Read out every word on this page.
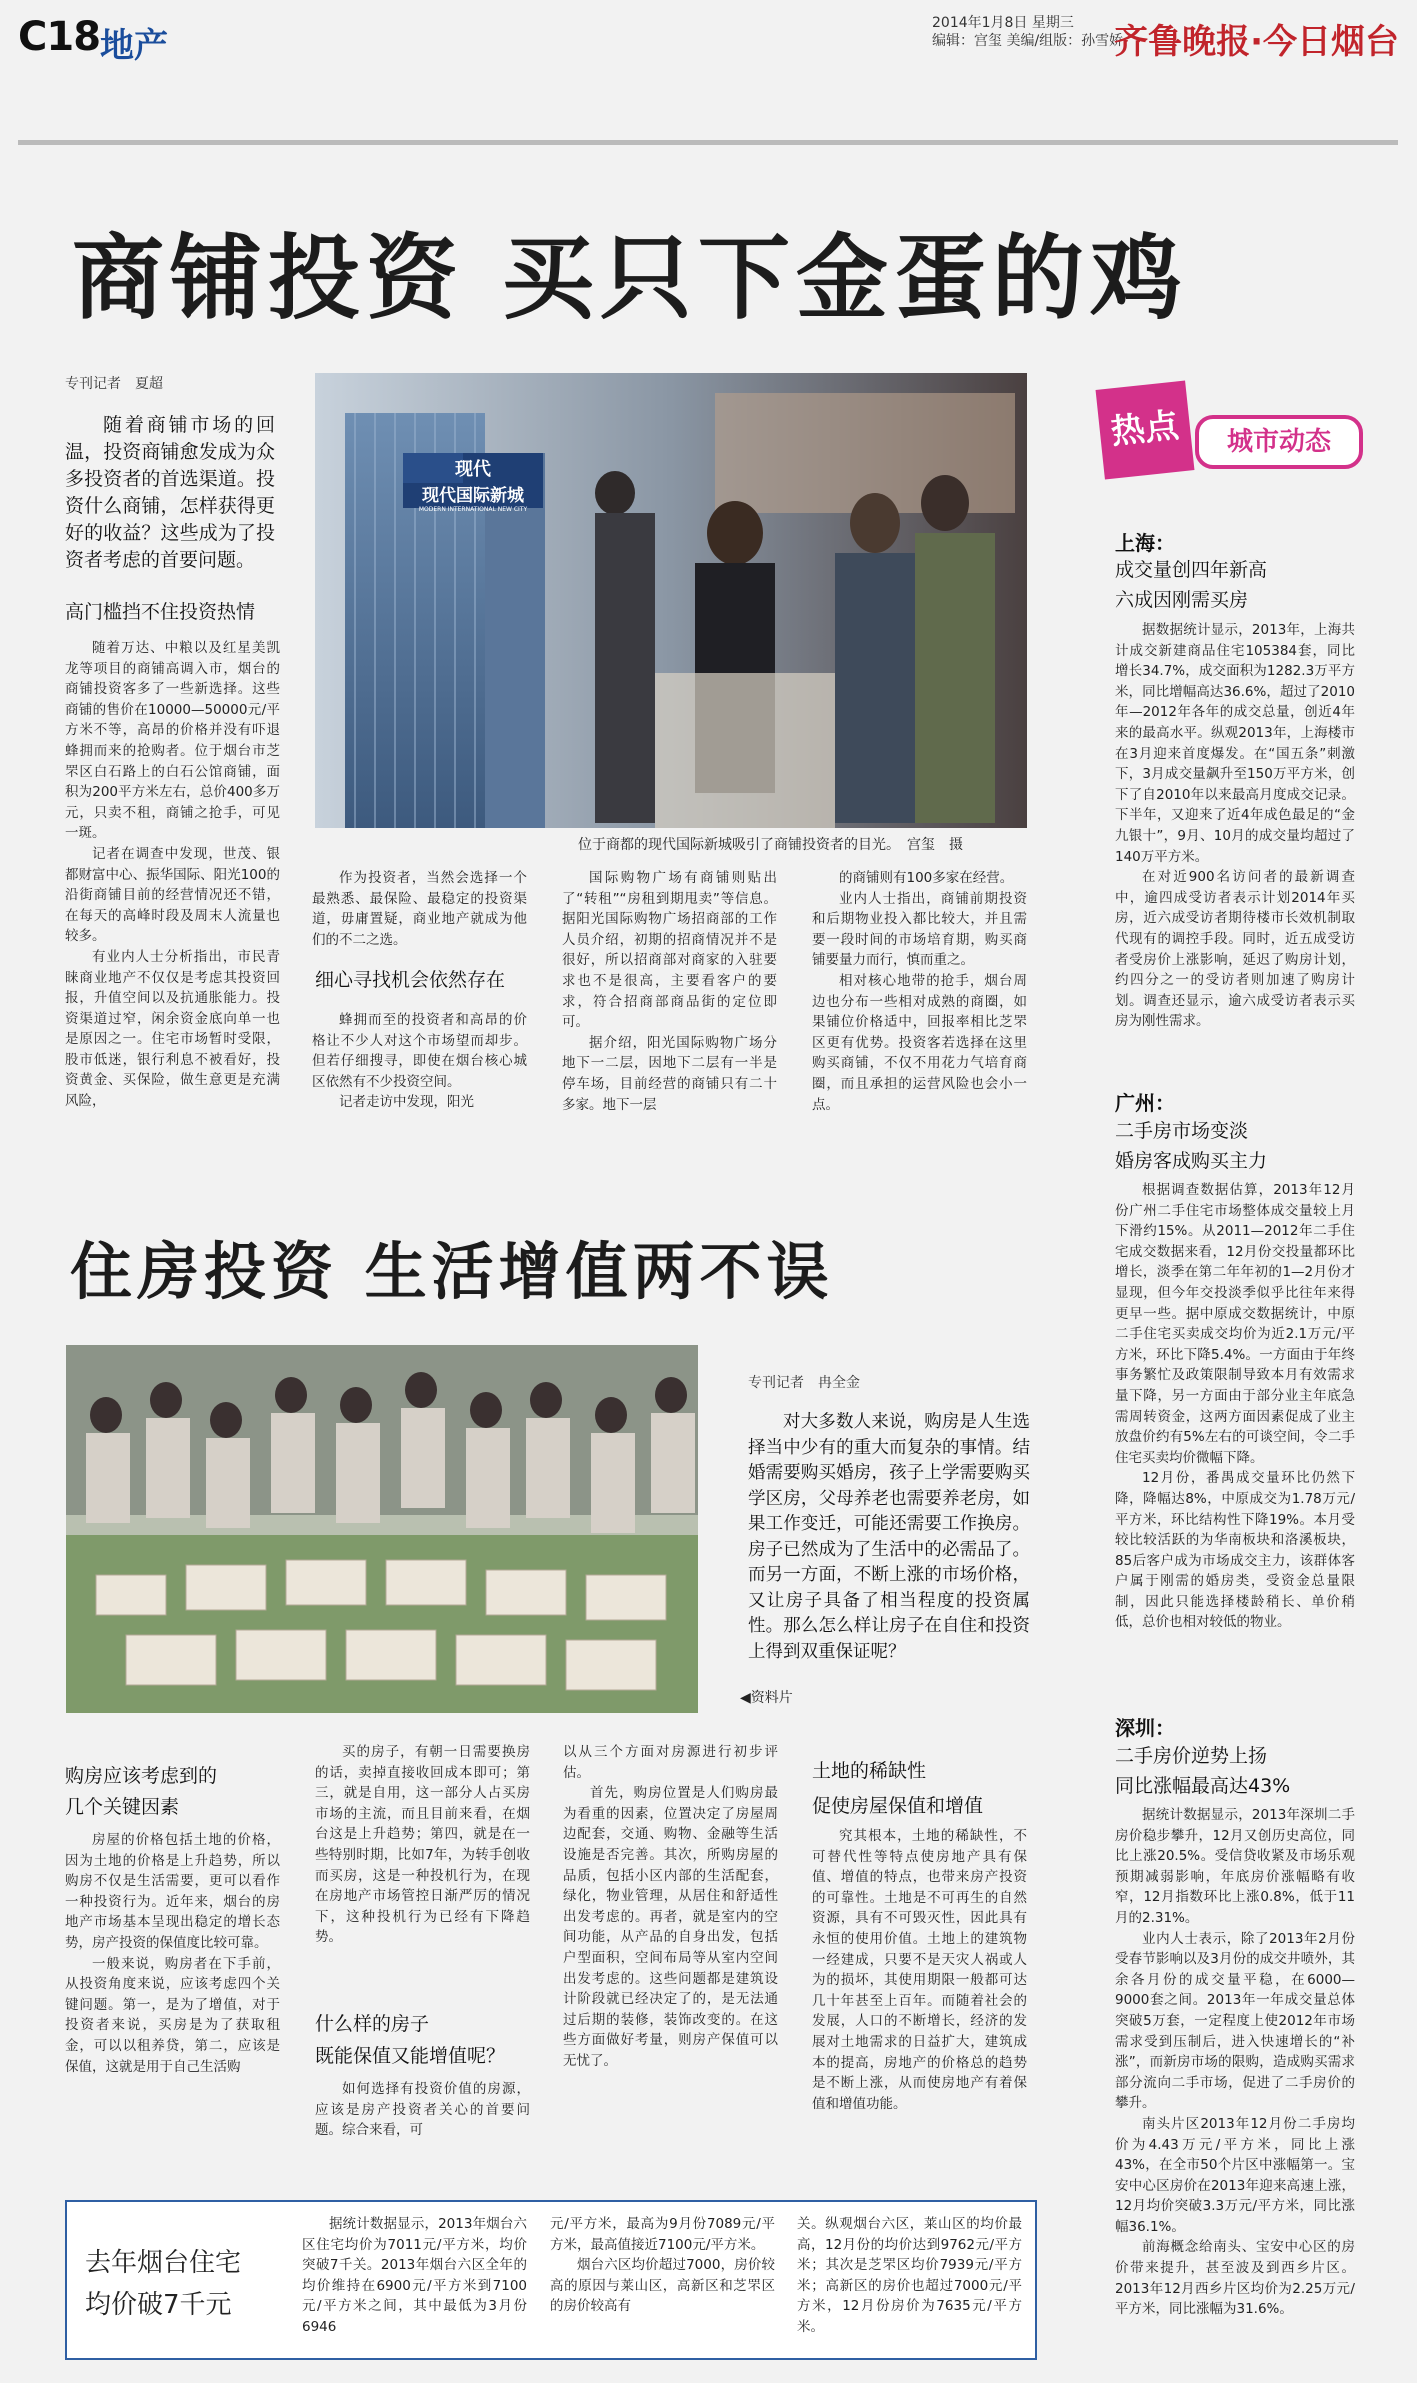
C18 地产
2014年1月8日 星期三
编辑：宫玺 美编/组版：孙雪娇
齐鲁晚报·今日烟台
商铺投资 买只下金蛋的鸡
专刊记者　夏超
随着商铺市场的回温，投资商铺愈发成为众多投资者的首选渠道。投资什么商铺，怎样获得更好的收益？这些成为了投资者考虑的首要问题。
高门槛挡不住投资热情

随着万达、中粮以及红星美凯龙等项目的商铺高调入市，烟台的商铺投资客多了一些新选择。这些商铺的售价在10000—50000元/平方米不等，高昂的价格并没有吓退蜂拥而来的抢购者。位于烟台市芝罘区白石路上的白石公馆商铺，面积为200平方米左右，总价400多万元，只卖不租，商铺之抢手，可见一斑。

记者在调查中发现，世茂、银都财富中心、振华国际、阳光100的沿街商铺目前的经营情况还不错，在每天的高峰时段及周末人流量也较多。

有业内人士分析指出，市民青睐商业地产不仅仅是考虑其投资回报，升值空间以及抗通胀能力。投资渠道过窄，闲余资金底向单一也是原因之一。住宅市场暂时受限，股市低迷，银行利息不被看好，投资黄金、买保险，做生意更是充满风险，

现代
现代国际新城
MODERN INTERNATIONAL NEW CITY
位于商都的现代国际新城吸引了商铺投资者的目光。　宫玺　摄

作为投资者，当然会选择一个最熟悉、最保险、最稳定的投资渠道，毋庸置疑，商业地产就成为他们的不二之选。

细心寻找机会依然存在

蜂拥而至的投资者和高昂的价格让不少人对这个市场望而却步。但若仔细搜寻，即使在烟台核心城区依然有不少投资空间。

记者走访中发现，阳光

国际购物广场有商铺则贴出了“转租”“房租到期甩卖”等信息。据阳光国际购物广场招商部的工作人员介绍，初期的招商情况并不是很好，所以招商部对商家的入驻要求也不是很高，主要看客户的要求，符合招商部商品街的定位即可。

据介绍，阳光国际购物广场分地下一二层，因地下二层有一半是停车场，目前经营的商铺只有二十多家。地下一层

的商铺则有100多家在经营。

业内人士指出，商铺前期投资和后期物业投入都比较大，并且需要一段时间的市场培育期，购买商铺要量力而行，慎而重之。

相对核心地带的抢手，烟台周边也分布一些相对成熟的商圈，如果铺位价格适中，回报率相比芝罘区更有优势。投资客若选择在这里购买商铺，不仅不用花力气培育商圈，而且承担的运营风险也会小一点。

热点	城市动态
上海：
成交量创四年新高
六成因刚需买房

据数据统计显示，2013年，上海共计成交新建商品住宅105384套，同比增长34.7%，成交面积为1282.3万平方米，同比增幅高达36.6%，超过了2010年—2012年各年的成交总量，创近4年来的最高水平。纵观2013年，上海楼市在3月迎来首度爆发。在“国五条”刺激下，3月成交量飙升至150万平方米，创下了自2010年以来最高月度成交记录。下半年，又迎来了近4年成色最足的“金九银十”，9月、10月的成交量均超过了140万平方米。

在对近900名访问者的最新调查中，逾四成受访者表示计划2014年买房，近六成受访者期待楼市长效机制取代现有的调控手段。同时，近五成受访者受房价上涨影响，延迟了购房计划，约四分之一的受访者则加速了购房计划。调查还显示，逾六成受访者表示买房为刚性需求。

广州：
二手房市场变淡
婚房客成购买主力

根据调查数据估算，2013年12月份广州二手住宅市场整体成交量较上月下滑约15%。从2011—2012年二手住宅成交数据来看，12月份交投量都环比增长，淡季在第二年年初的1—2月份才显现，但今年交投淡季似乎比往年来得更早一些。据中原成交数据统计，中原二手住宅买卖成交均价为近2.1万元/平方米，环比下降5.4%。一方面由于年终事务繁忙及政策限制导致本月有效需求量下降，另一方面由于部分业主年底急需周转资金，这两方面因素促成了业主放盘价约有5%左右的可谈空间，令二手住宅买卖均价微幅下降。

12月份，番禺成交量环比仍然下降，降幅达8%，中原成交为1.78万元/平方米，环比结构性下降19%。本月受较比较活跃的为华南板块和洛溪板块，85后客户成为市场成交主力，该群体客户属于刚需的婚房类，受资金总量限制，因此只能选择楼龄稍长、单价稍低，总价也相对较低的物业。

深圳：
二手房价逆势上扬
同比涨幅最高达43%

据统计数据显示，2013年深圳二手房价稳步攀升，12月又创历史高位，同比上涨20.5%。受信贷收紧及市场乐观预期减弱影响，年底房价涨幅略有收窄，12月指数环比上涨0.8%，低于11月的2.31%。

业内人士表示，除了2013年2月份受春节影响以及3月份的成交井喷外，其余各月份的成交量平稳，在6000—9000套之间。2013年一年成交量总体突破5万套，一定程度上使2012年市场需求受到压制后，进入快速增长的“补涨”，而新房市场的限购，造成购买需求部分流向二手市场，促进了二手房价的攀升。

南头片区2013年12月份二手房均价为4.43万元/平方米，同比上涨43%，在全市50个片区中涨幅第一。宝安中心区房价在2013年迎来高速上涨，12月均价突破3.3万元/平方米，同比涨幅36.1%。

前海概念给南头、宝安中心区的房价带来提升，甚至波及到西乡片区。2013年12月西乡片区均价为2.25万元/平方米，同比涨幅为31.6%。

住房投资 生活增值两不误
◀资料片
专刊记者　冉全金
对大多数人来说，购房是人生选择当中少有的重大而复杂的事情。结婚需要购买婚房，孩子上学需要购买学区房，父母养老也需要养老房，如果工作变迁，可能还需要工作换房。房子已然成为了生活中的必需品了。而另一方面，不断上涨的市场价格，又让房子具备了相当程度的投资属性。那么怎么样让房子在自住和投资上得到双重保证呢？
购房应该考虑到的
几个关键因素

房屋的价格包括土地的价格，因为土地的价格是上升趋势，所以购房不仅是生活需要，更可以看作一种投资行为。近年来，烟台的房地产市场基本呈现出稳定的增长态势，房产投资的保值度比较可靠。

一般来说，购房者在下手前，从投资角度来说，应该考虑四个关键问题。第一，是为了增值，对于投资者来说，买房是为了获取租金，可以以租养贷，第二，应该是保值，这就是用于自己生活购

买的房子，有朝一日需要换房的话，卖掉直接收回成本即可；第三，就是自用，这一部分人占买房市场的主流，而且目前来看，在烟台这是上升趋势；第四，就是在一些特别时期，比如7年，为转手创收而买房，这是一种投机行为，在现在房地产市场管控日渐严厉的情况下，这种投机行为已经有下降趋势。

什么样的房子
既能保值又能增值呢？

如何选择有投资价值的房源，应该是房产投资者关心的首要问题。综合来看，可

以从三个方面对房源进行初步评估。

首先，购房位置是人们购房最为看重的因素，位置决定了房屋周边配套，交通、购物、金融等生活设施是否完善。其次，所购房屋的品质，包括小区内部的生活配套，绿化，物业管理，从居住和舒适性出发考虑的。再者，就是室内的空间功能，从产品的自身出发，包括户型面积，空间布局等从室内空间出发考虑的。这些问题都是建筑设计阶段就已经决定了的，是无法通过后期的装修，装饰改变的。在这些方面做好考量，则房产保值可以无忧了。

土地的稀缺性
促使房屋保值和增值

究其根本，土地的稀缺性，不可替代性等特点使房地产具有保值、增值的特点，也带来房产投资的可靠性。土地是不可再生的自然资源，具有不可毁灭性，因此具有永恒的使用价值。土地上的建筑物一经建成，只要不是天灾人祸或人为的损坏，其使用期限一般都可达几十年甚至上百年。而随着社会的发展，人口的不断增长，经济的发展对土地需求的日益扩大，建筑成本的提高，房地产的价格总的趋势是不断上涨，从而使房地产有着保值和增值功能。

去年烟台住宅
均价破7千元

据统计数据显示，2013年烟台六区住宅均价为7011元/平方米，均价突破7千关。2013年烟台六区全年的均价维持在6900元/平方米到7100元/平方米之间，其中最低为3月份6946

元/平方米，最高为9月份7089元/平方米，最高值接近7100元/平方米。

烟台六区均价超过7000，房价较高的原因与莱山区，高新区和芝罘区的房价较高有

关。纵观烟台六区，莱山区的均价最高，12月份的均价达到9762元/平方米；其次是芝罘区均价7939元/平方米；高新区的房价也超过7000元/平方米，12月份房价为7635元/平方米。
